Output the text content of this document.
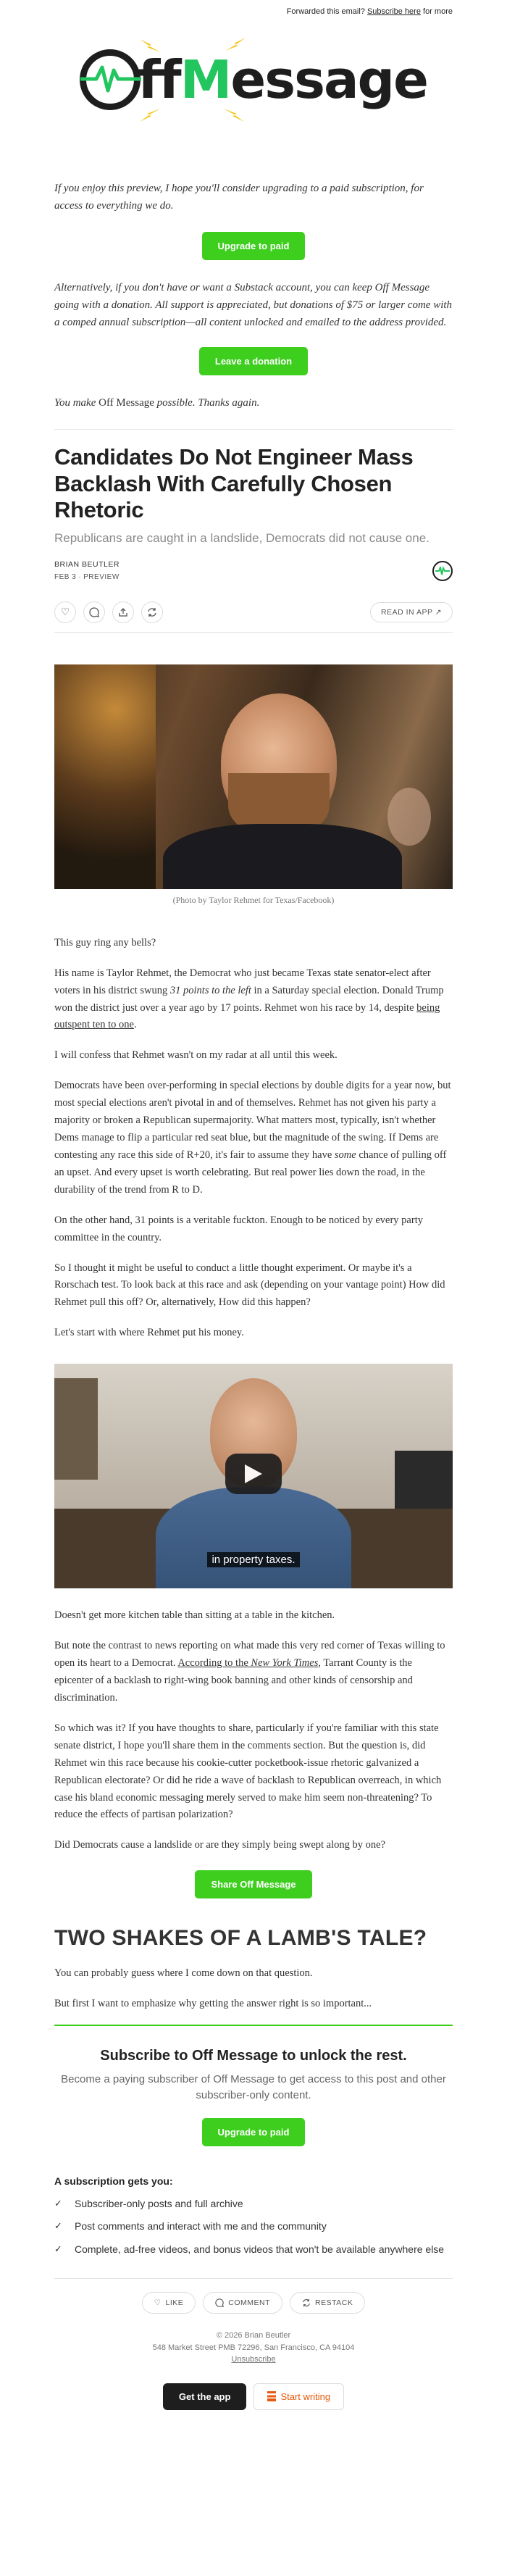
Forwarded this email? Subscribe here for more
ff M essage

If you enjoy this preview, I hope you'll consider upgrading to a paid subscription, for access to everything we do.

Upgrade to paid

Alternatively, if you don't have or want a Substack account, you can keep Off Message going with a donation. All support is appreciated, but donations of $75 or larger come with a comped annual subscription—all content unlocked and emailed to the address provided.

Leave a donation

You make Off Message possible. Thanks again.

Candidates Do Not Engineer Mass Backlash With Carefully Chosen Rhetoric

Republicans are caught in a landslide, Democrats did not cause one.

BRIAN BEUTLER
FEB 3 ∙ PREVIEW
♡	READ IN APP ↗

(Photo by Taylor Rehmet for Texas/Facebook)

This guy ring any bells?

His name is Taylor Rehmet, the Democrat who just became Texas state senator-elect after voters in his district swung 31 points to the left in a Saturday special election. Donald Trump won the district just over a year ago by 17 points. Rehmet won his race by 14, despite being outspent ten to one.

I will confess that Rehmet wasn't on my radar at all until this week.

Democrats have been over-performing in special elections by double digits for a year now, but most special elections aren't pivotal in and of themselves. Rehmet has not given his party a majority or broken a Republican supermajority. What matters most, typically, isn't whether Dems manage to flip a particular red seat blue, but the magnitude of the swing. If Dems are contesting any race this side of R+20, it's fair to assume they have some chance of pulling off an upset. And every upset is worth celebrating. But real power lies down the road, in the durability of the trend from R to D.

On the other hand, 31 points is a veritable fuckton. Enough to be noticed by every party committee in the country.

So I thought it might be useful to conduct a little thought experiment. Or maybe it's a Rorschach test. To look back at this race and ask (depending on your vantage point) How did Rehmet pull this off? Or, alternatively, How did this happen?

Let's start with where Rehmet put his money.

in property taxes.

Doesn't get more kitchen table than sitting at a table in the kitchen.

But note the contrast to news reporting on what made this very red corner of Texas willing to open its heart to a Democrat. According to the New York Times, Tarrant County is the epicenter of a backlash to right-wing book banning and other kinds of censorship and discrimination.

So which was it? If you have thoughts to share, particularly if you're familiar with this state senate district, I hope you'll share them in the comments section. But the question is, did Rehmet win this race because his cookie-cutter pocketbook-issue rhetoric galvanized a Republican electorate? Or did he ride a wave of backlash to Republican overreach, in which case his bland economic messaging merely served to make him seem non-threatening? To reduce the effects of partisan polarization?

Did Democrats cause a landslide or are they simply being swept along by one?

Share Off Message
TWO SHAKES OF A LAMB'S TALE?

You can probably guess where I come down on that question.

But first I want to emphasize why getting the answer right is so important...

Subscribe to Off Message to unlock the rest.

Become a paying subscriber of Off Message to get access to this post and other subscriber-only content.

Upgrade to paid

A subscription gets you:

✓ Subscriber-only posts and full archive
✓ Post comments and interact with me and the community
✓ Complete, ad-free videos, and bonus videos that won't be available anywhere else
♡ LIKE	COMMENT	RESTACK
© 2026 Brian Beutler
548 Market Street PMB 72296, San Francisco, CA 94104
Unsubscribe
Get the app	Start writing
